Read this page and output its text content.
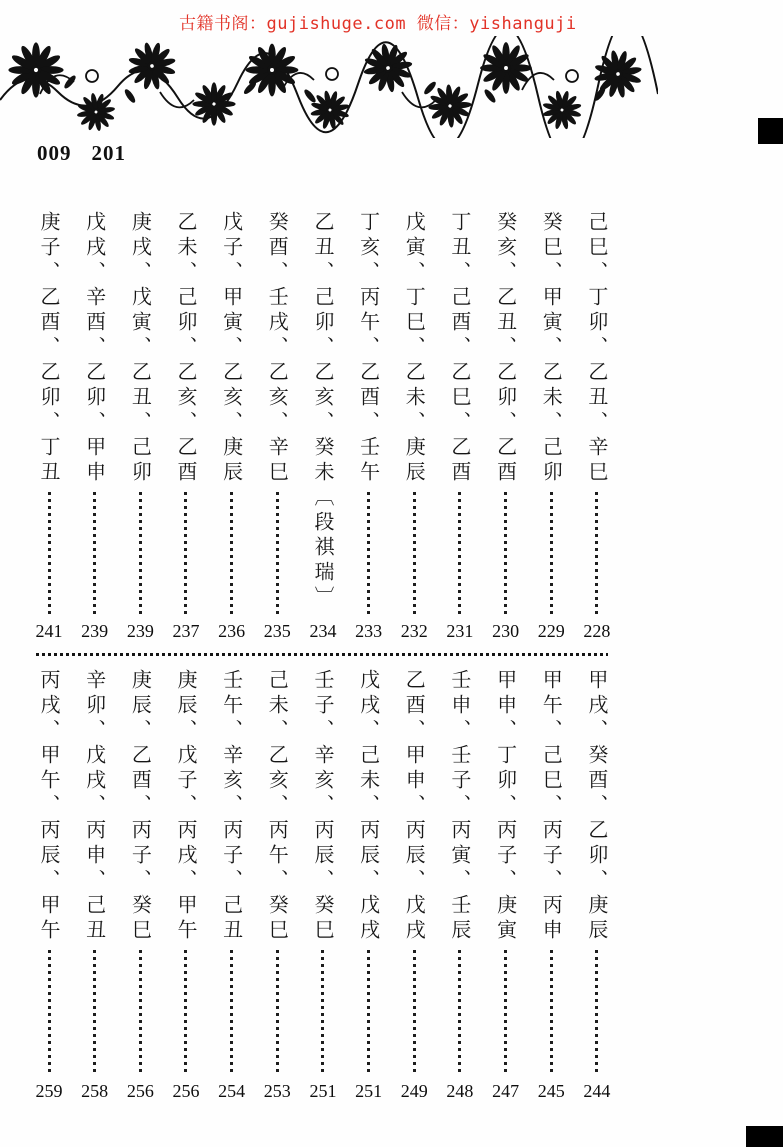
古籍书阁：gujishuge.com 微信：yishanguji
009 201
己巳、丁卯、乙丑、辛巳
228
癸巳、甲寅、乙未、己卯
229
癸亥、乙丑、乙卯、乙酉
230
丁丑、己酉、乙巳、乙酉
231
戊寅、丁巳、乙未、庚辰
232
丁亥、丙午、乙酉、壬午
233
乙丑、己卯、乙亥、癸未〔段祺瑞〕
234
癸酉、壬戌、乙亥、辛巳
235
戊子、甲寅、乙亥、庚辰
236
乙未、己卯、乙亥、乙酉
237
庚戌、戊寅、乙丑、己卯
239
戊戌、辛酉、乙卯、甲申
239
庚子、乙酉、乙卯、丁丑
241
甲戌、癸酉、乙卯、庚辰
244
甲午、己巳、丙子、丙申
245
甲申、丁卯、丙子、庚寅
247
壬申、壬子、丙寅、壬辰
248
乙酉、甲申、丙辰、戊戌
249
戊戌、己未、丙辰、戊戌
251
壬子、辛亥、丙辰、癸巳
251
己未、乙亥、丙午、癸巳
253
壬午、辛亥、丙子、己丑
254
庚辰、戊子、丙戌、甲午
256
庚辰、乙酉、丙子、癸巳
256
辛卯、戊戌、丙申、己丑
258
丙戌、甲午、丙辰、甲午
259
